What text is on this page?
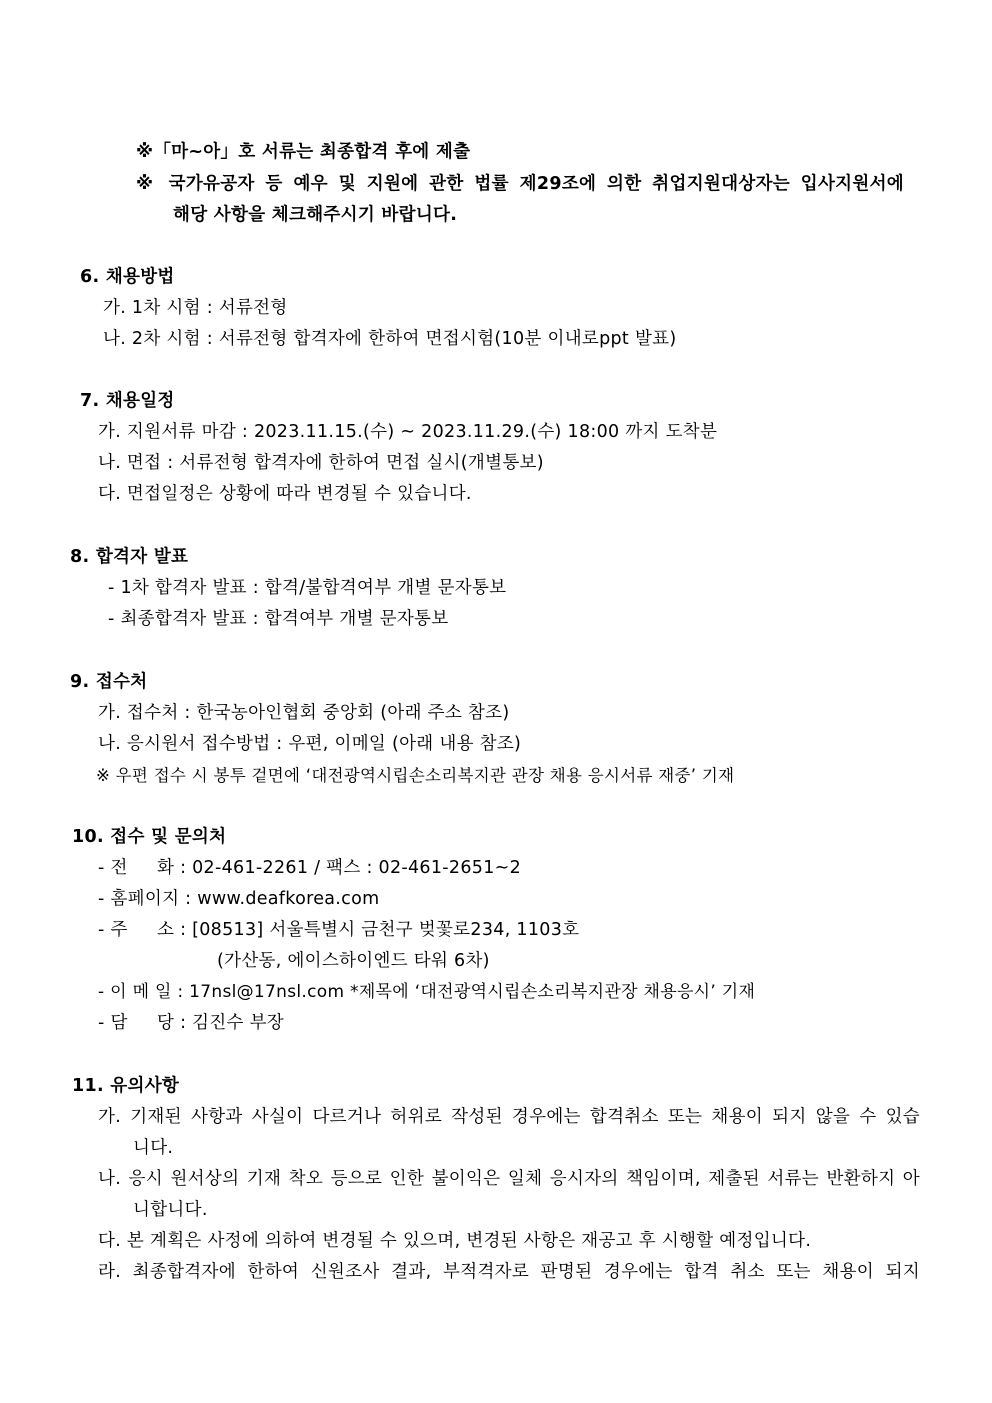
※「마~아」호 서류는 최종합격 후에 제출
※ 국가유공자 등 예우 및 지원에 관한 법률 제29조에 의한 취업지원대상자는 입사지원서에
해당 사항을 체크해주시기 바랍니다.
6. 채용방법
가. 1차 시험 : 서류전형
나. 2차 시험 : 서류전형 합격자에 한하여 면접시험(10분 이내로ppt 발표)
7. 채용일정
가. 지원서류 마감 : 2023.11.15.(수) ~ 2023.11.29.(수) 18:00 까지 도착분
나. 면접 : 서류전형 합격자에 한하여 면접 실시(개별통보)
다. 면접일정은 상황에 따라 변경될 수 있습니다.
8. 합격자 발표
- 1차 합격자 발표 : 합격/불합격여부 개별 문자통보
- 최종합격자 발표 : 합격여부 개별 문자통보
9. 접수처
가. 접수처 : 한국농아인협회 중앙회 (아래 주소 참조)
나. 응시원서 접수방법 : 우편, 이메일 (아래 내용 참조)
※ 우편 접수 시 봉투 겉면에 ‘대전광역시립손소리복지관 관장 채용 응시서류 재중’ 기재
10. 접수 및 문의처
- 전     화 : 02-461-2261 / 팩스 : 02-461-2651~2
- 홈페이지 : www.deafkorea.com
- 주     소 : [08513] 서울특별시 금천구 벚꽃로234, 1103호
(가산동, 에이스하이엔드 타워 6차)
- 이 메 일 : 17nsl@17nsl.com *제목에 ‘대전광역시립손소리복지관장 채용응시’ 기재
- 담     당 : 김진수 부장
11. 유의사항
가. 기재된 사항과 사실이 다르거나 허위로 작성된 경우에는 합격취소 또는 채용이 되지 않을 수 있습
니다.
나. 응시 원서상의 기재 착오 등으로 인한 불이익은 일체 응시자의 책임이며, 제출된 서류는 반환하지 아
니합니다.
다. 본 계획은 사정에 의하여 변경될 수 있으며, 변경된 사항은 재공고 후 시행할 예정입니다.
라. 최종합격자에 한하여 신원조사 결과, 부적격자로 판명된 경우에는 합격 취소 또는 채용이 되지
